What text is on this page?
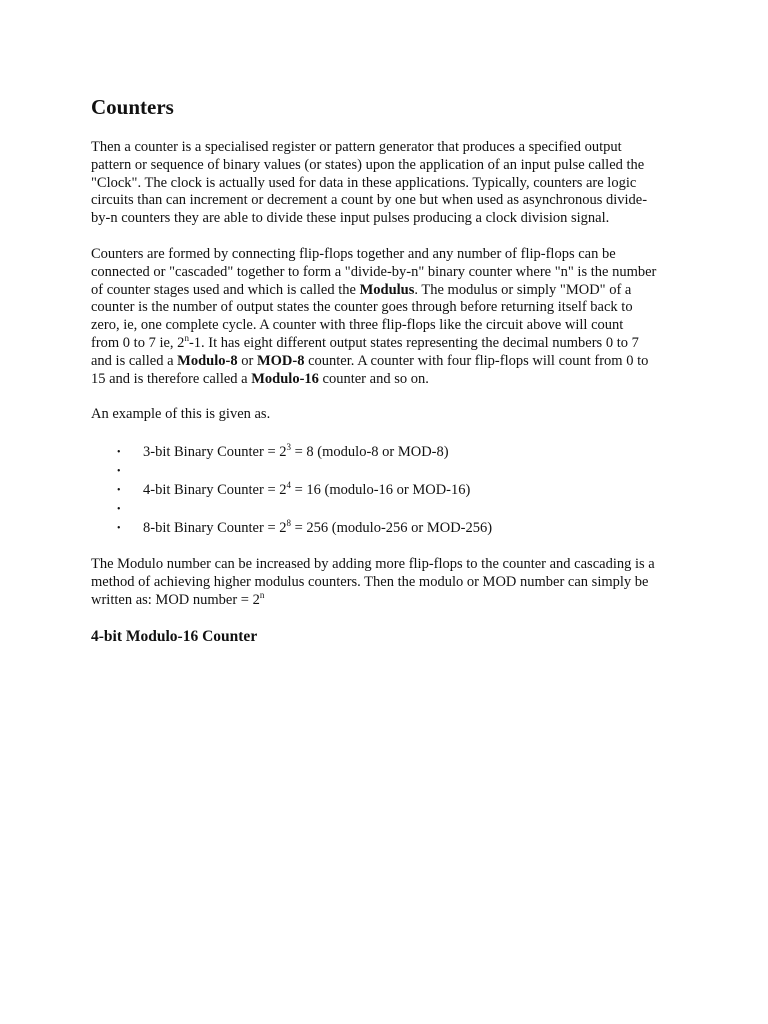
Counters
Then a counter is a specialised register or pattern generator that produces a specified output
pattern or sequence of binary values (or states) upon the application of an input pulse called the
"Clock". The clock is actually used for data in these applications. Typically, counters are logic
circuits than can increment or decrement a count by one but when used as asynchronous divide-
by-n counters they are able to divide these input pulses producing a clock division signal.
Counters are formed by connecting flip-flops together and any number of flip-flops can be
connected or "cascaded" together to form a "divide-by-n" binary counter where "n" is the number
of counter stages used and which is called the Modulus. The modulus or simply "MOD" of a
counter is the number of output states the counter goes through before returning itself back to
zero, ie, one complete cycle. A counter with three flip-flops like the circuit above will count
from 0 to 7 ie, 2$^n$-1. It has eight different output states representing the decimal numbers 0 to 7
and is called a Modulo-8 or MOD-8 counter. A counter with four flip-flops will count from 0 to
15 and is therefore called a Modulo-16 counter and so on.
An example of this is given as.
• 3-bit Binary Counter = $2^3 = 8$ (modulo-8 or MOD-8)
•
• 4-bit Binary Counter = $2^4 = 16$ (modulo-16 or MOD-16)
•
• 8-bit Binary Counter = $2^8 = 256$ (modulo-256 or MOD-256)
The Modulo number can be increased by adding more flip-flops to the counter and cascading is a
method of achieving higher modulus counters. Then the modulo or MOD number can simply be
written as: MOD number = $2^n$
4-bit Modulo-16 Counter
